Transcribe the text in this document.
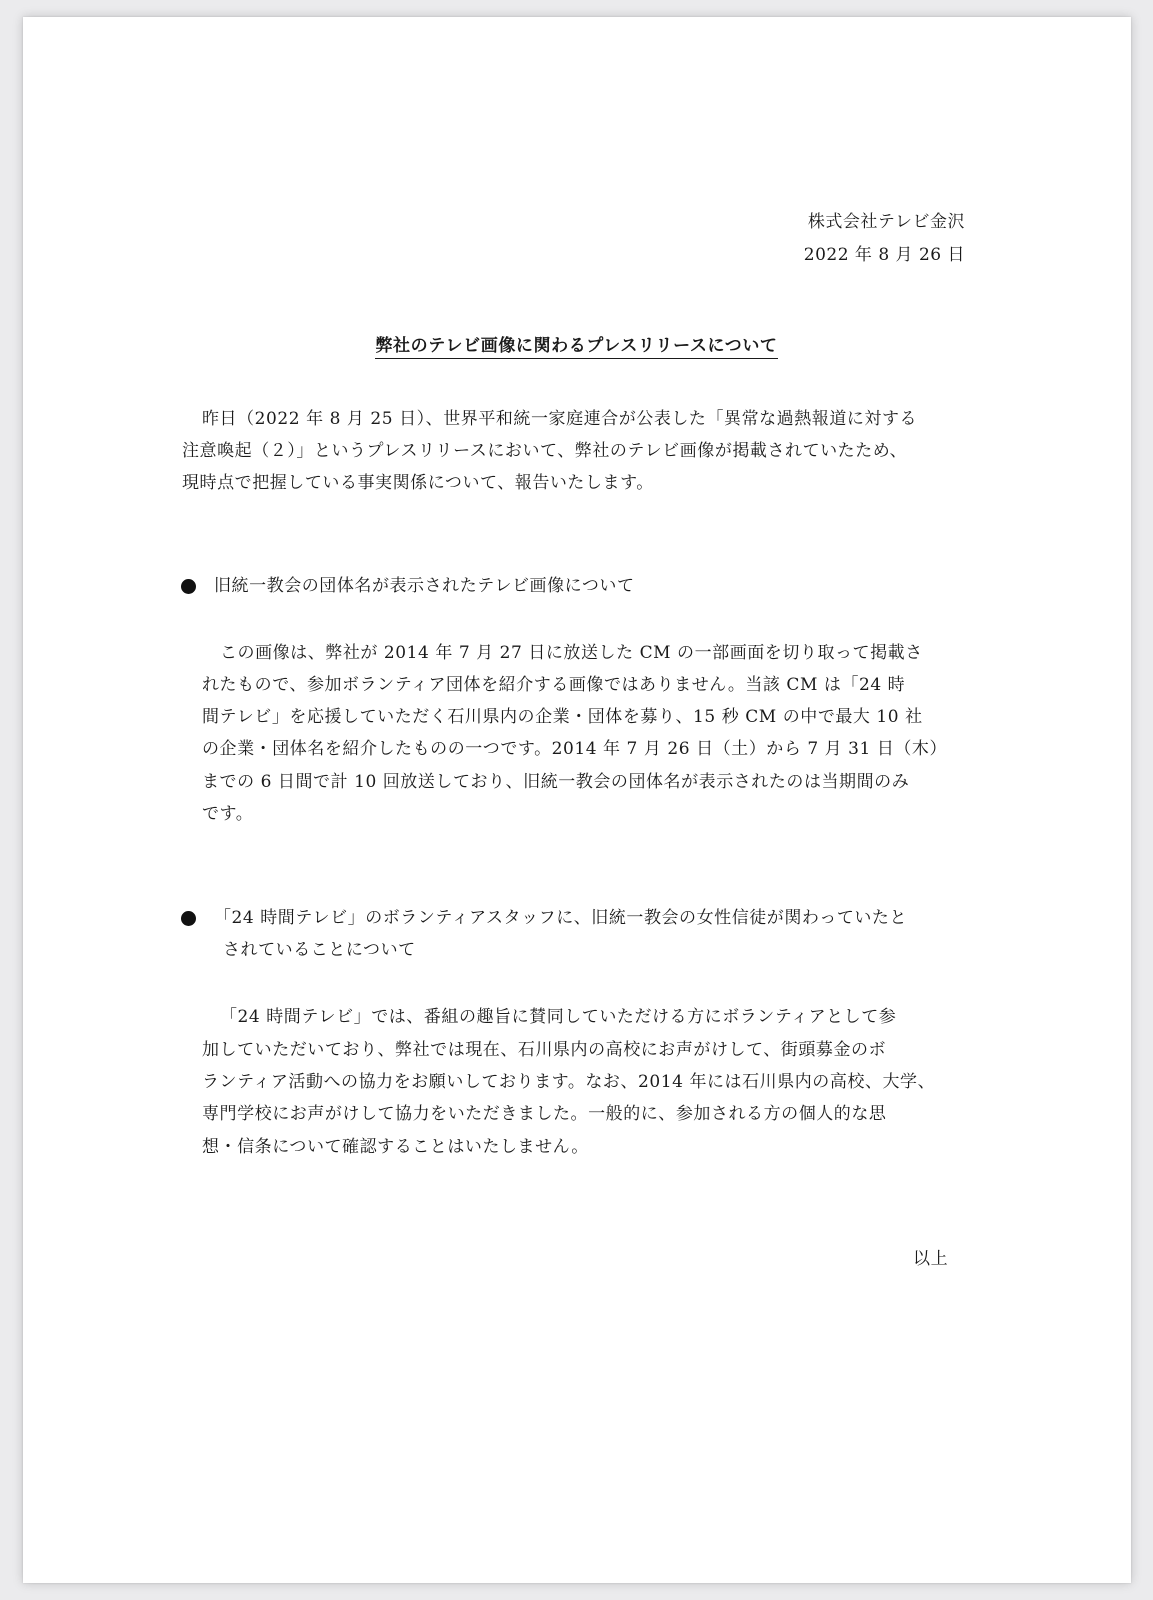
株式会社テレビ金沢
2022 年 8 月 26 日
弊社のテレビ画像に関わるプレスリリースについて
昨日（2022 年 8 月 25 日）、世界平和統一家庭連合が公表した「異常な過熱報道に対する
注意喚起（２）」というプレスリリースにおいて、弊社のテレビ画像が掲載されていたため、
現時点で把握している事実関係について、報告いたします。
旧統一教会の団体名が表示されたテレビ画像について
この画像は、弊社が 2014 年 7 月 27 日に放送した CM の一部画面を切り取って掲載さ
れたもので、参加ボランティア団体を紹介する画像ではありません。当該 CM は「24 時
間テレビ」を応援していただく石川県内の企業・団体を募り、15 秒 CM の中で最大 10 社
の企業・団体名を紹介したものの一つです。2014 年 7 月 26 日（土）から 7 月 31 日（木）
までの 6 日間で計 10 回放送しており、旧統一教会の団体名が表示されたのは当期間のみ
です。
「24 時間テレビ」のボランティアスタッフに、旧統一教会の女性信徒が関わっていたと
されていることについて
「24 時間テレビ」では、番組の趣旨に賛同していただける方にボランティアとして参
加していただいており、弊社では現在、石川県内の高校にお声がけして、街頭募金のボ
ランティア活動への協力をお願いしております。なお、2014 年には石川県内の高校、大学、
専門学校にお声がけして協力をいただきました。一般的に、参加される方の個人的な思
想・信条について確認することはいたしません。
以上
